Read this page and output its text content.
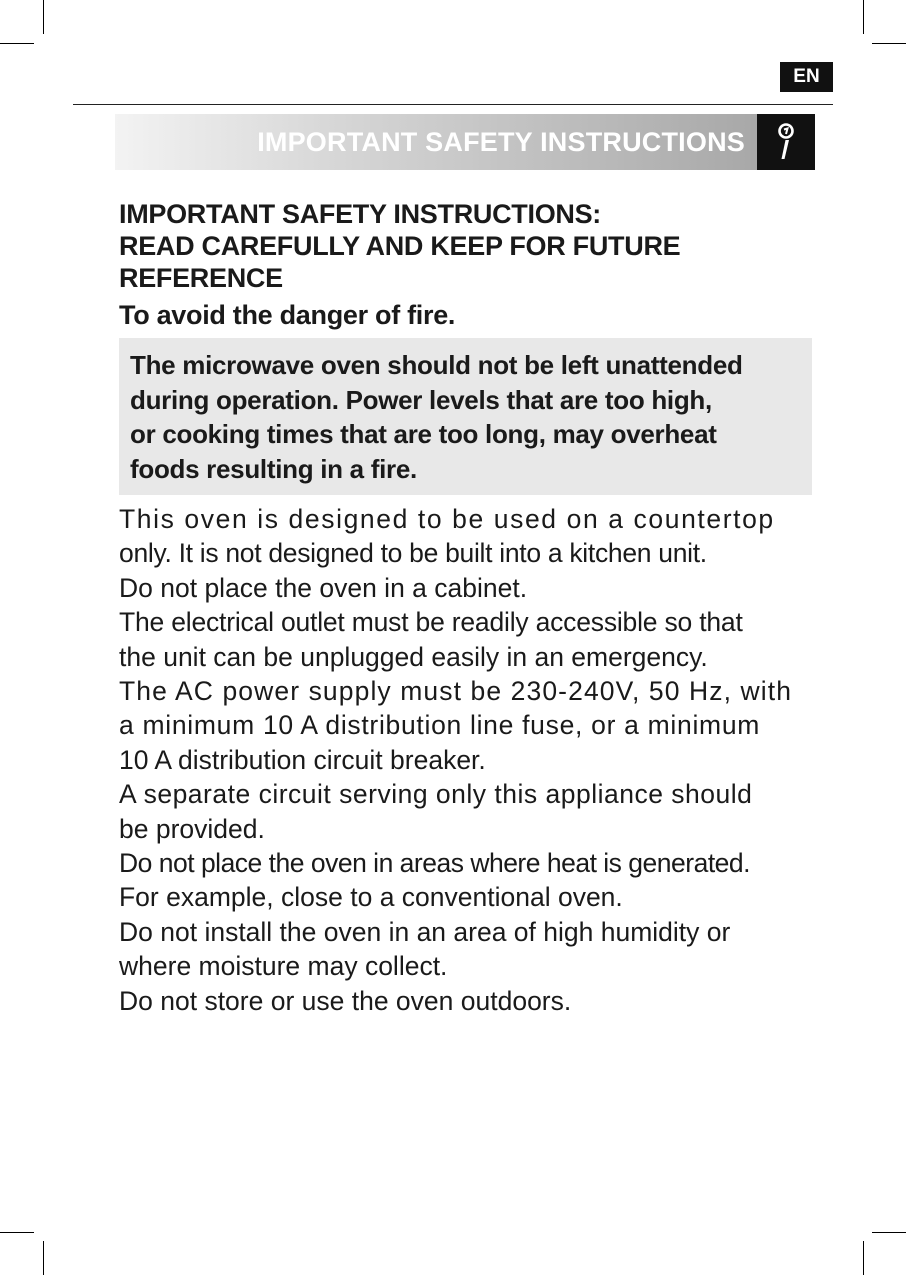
EN
IMPORTANT SAFETY INSTRUCTIONS
IMPORTANT SAFETY INSTRUCTIONS:
READ CAREFULLY AND KEEP FOR FUTURE
REFERENCE
To avoid the danger of fire.
The microwave oven should not be left unattended
during operation. Power levels that are too high,
or cooking times that are too long, may overheat
foods resulting in a fire.
This oven is designed to be used on a countertop
only. It is not designed to be built into a kitchen unit.
Do not place the oven in a cabinet.
The electrical outlet must be readily accessible so that
the unit can be unplugged easily in an emergency.
The AC power supply must be 230-240V, 50 Hz, with
a minimum 10 A distribution line fuse, or a minimum
10 A distribution circuit breaker.
A separate circuit serving only this appliance should
be provided.
Do not place the oven in areas where heat is generated.
For example, close to a conventional oven.
Do not install the oven in an area of high humidity or
where moisture may collect.
Do not store or use the oven outdoors.
